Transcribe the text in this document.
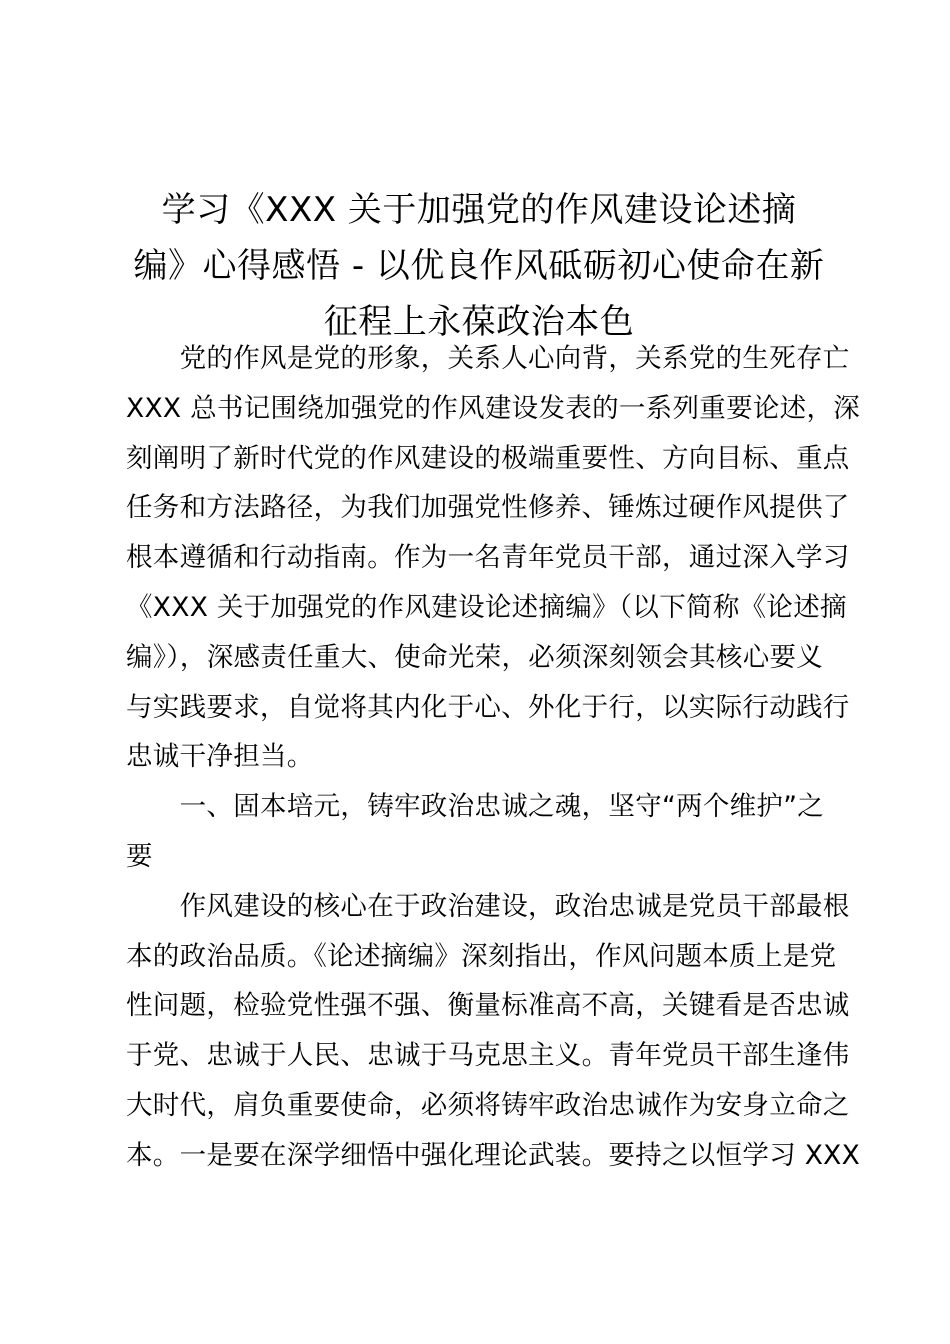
学习《XXX 关于加强党的作风建设论述摘
编》心得感悟 - 以优良作风砥砺初心使命在新
征程上永葆政治本色
　　党的作风是党的形象，关系人心向背，关系党的生死存亡
XXX 总书记围绕加强党的作风建设发表的一系列重要论述，深
刻阐明了新时代党的作风建设的极端重要性、方向目标、重点
任务和方法路径，为我们加强党性修养、锤炼过硬作风提供了
根本遵循和行动指南。作为一名青年党员干部，通过深入学习
《XXX 关于加强党的作风建设论述摘编》（以下简称《论述摘
编》），深感责任重大、使命光荣，必须深刻领会其核心要义
与实践要求，自觉将其内化于心、外化于行，以实际行动践行
忠诚干净担当。
　　一、固本培元，铸牢政治忠诚之魂，坚守“两个维护”之
要
　　作风建设的核心在于政治建设，政治忠诚是党员干部最根
本的政治品质。《论述摘编》深刻指出，作风问题本质上是党
性问题，检验党性强不强、衡量标准高不高，关键看是否忠诚
于党、忠诚于人民、忠诚于马克思主义。青年党员干部生逢伟
大时代，肩负重要使命，必须将铸牢政治忠诚作为安身立命之
本。一是要在深学细悟中强化理论武装。要持之以恒学习 XXX
